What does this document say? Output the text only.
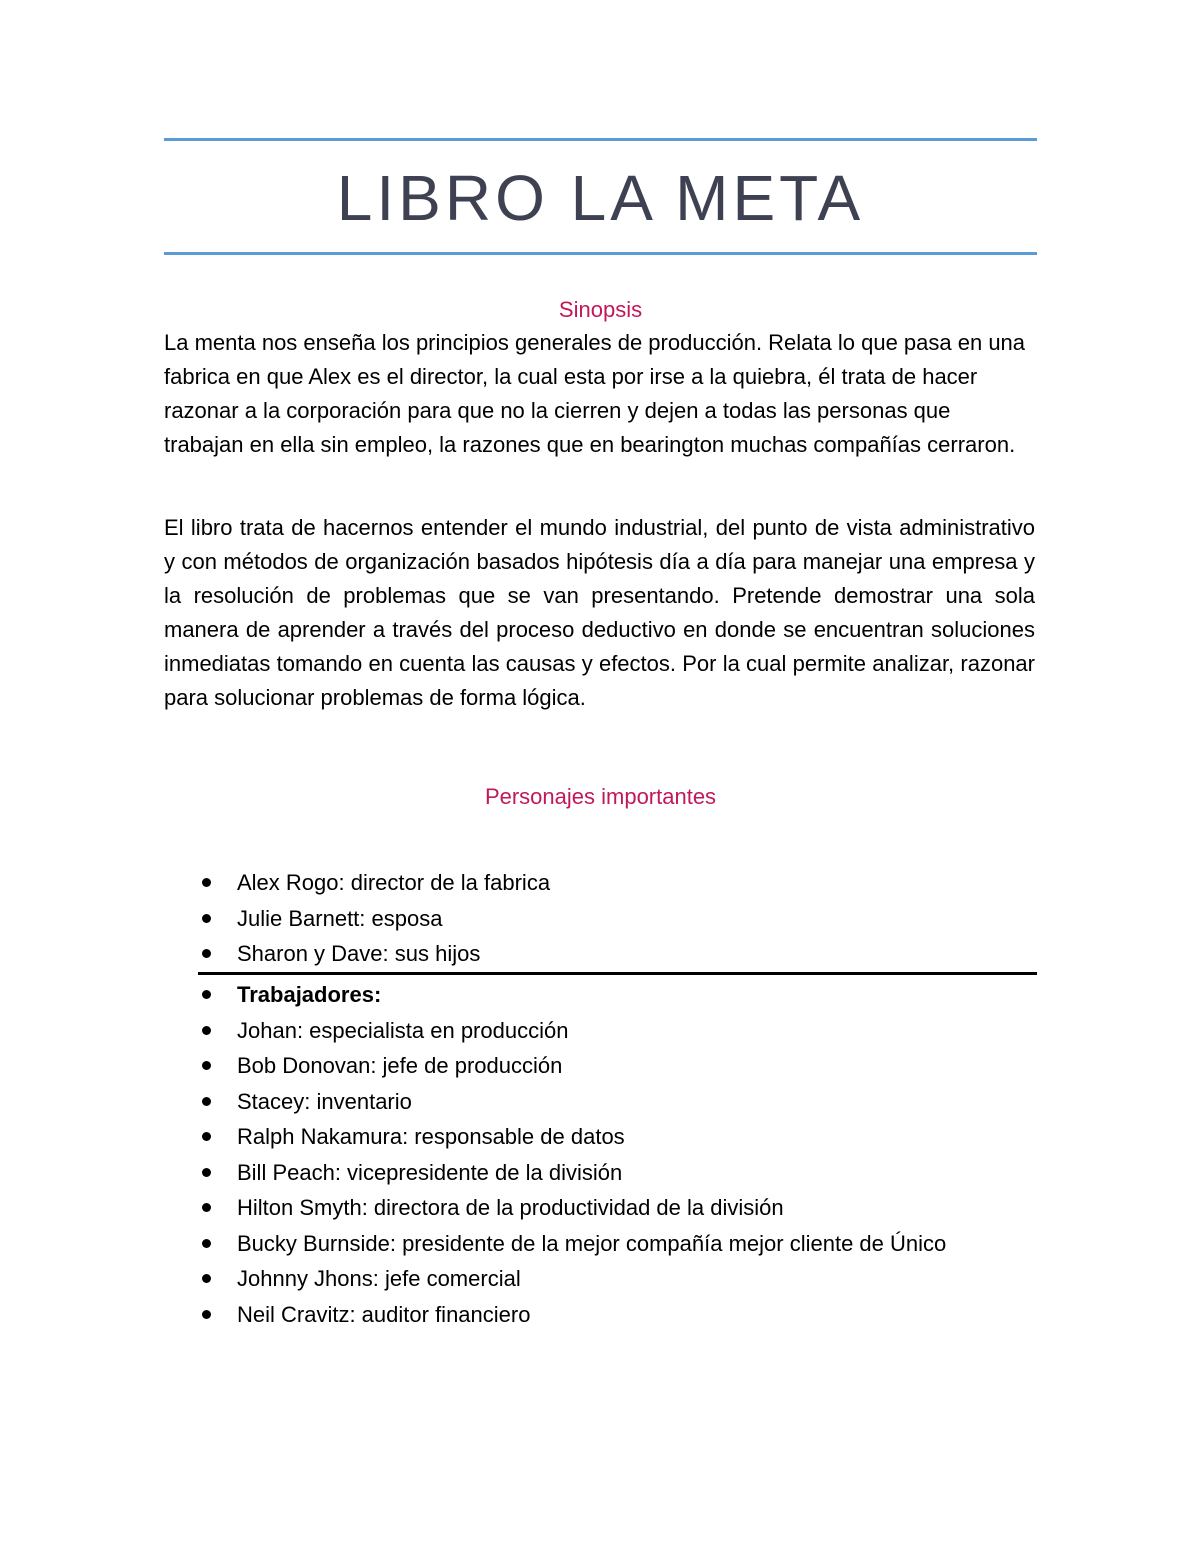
LIBRO LA META
Sinopsis

La menta nos enseña los principios generales de producción. Relata lo que pasa en una fabrica en que Alex es el director, la cual esta por irse a la quiebra, él trata de hacer razonar a la corporación para que no la cierren y dejen a todas las personas que trabajan en ella sin empleo, la razones que en bearington muchas compañías cerraron.

El libro trata de hacernos entender el mundo industrial, del punto de vista administrativo y con métodos de organización basados hipótesis día a día para manejar una empresa y la resolución de problemas que se van presentando. Pretende demostrar una sola manera de aprender a través del proceso deductivo en donde se encuentran soluciones inmediatas tomando en cuenta las causas y efectos. Por la cual permite analizar, razonar para solucionar problemas de forma lógica.

Personajes importantes
Alex Rogo: director de la fabrica
Julie Barnett: esposa
Sharon y Dave: sus hijos
Trabajadores:
Johan: especialista en producción
Bob Donovan: jefe de producción
Stacey: inventario
Ralph Nakamura: responsable de datos
Bill Peach: vicepresidente de la división
Hilton Smyth: directora de la productividad de la división
Bucky Burnside: presidente de la mejor compañía mejor cliente de Único
Johnny Jhons: jefe comercial
Neil Cravitz: auditor financiero
